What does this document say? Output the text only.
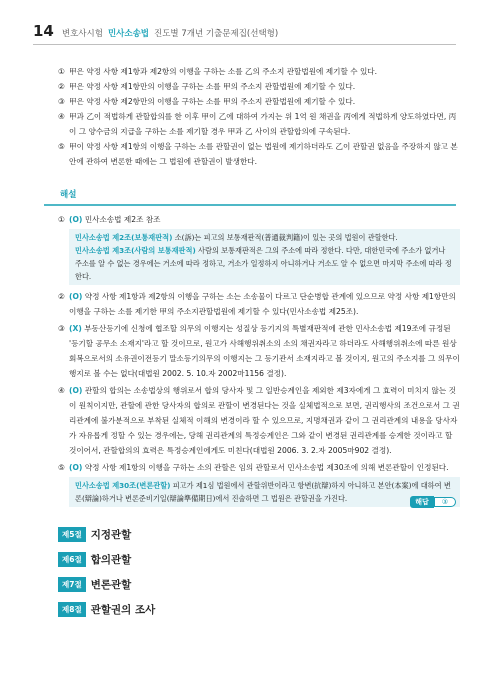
14 변호사시험 민사소송법 진도별 7개년 기출문제집(선택형)
① 甲은 약정 사항 제1항과 제2항의 이행을 구하는 소를 乙의 주소지 관할법원에 제기할 수 있다.
② 甲은 약정 사항 제1항만의 이행을 구하는 소를 甲의 주소지 관할법원에 제기할 수 있다.
③ 甲은 약정 사항 제2항만의 이행을 구하는 소를 甲의 주소지 관할법원에 제기할 수 있다.
④ 甲과 乙이 적법하게 관할합의를 한 이후 甲이 乙에 대하여 가지는 위 1억 원 채권을 丙에게 적법하게 양도하였다면, 丙이 그 양수금의 지급을 구하는 소를 제기할 경우 甲과 乙 사이의 관할합의에 구속된다.
⑤ 甲이 약정 사항 제1항의 이행을 구하는 소를 관할권이 없는 법원에 제기하더라도 乙이 관할권 없음을 주장하지 않고 본안에 관하여 변론한 때에는 그 법원에 관할권이 발생한다.
해설
① (O) 민사소송법 제2조 참조
민사소송법 제2조(보통재판적) 소(訴)는 피고의 보통재판적(普通裁判籍)이 있는 곳의 법원이 관할한다.
민사소송법 제3조(사람의 보통재판적) 사람의 보통재판적은 그의 주소에 따라 정한다. 다만, 대한민국에 주소가 없거나 주소를 알 수 없는 경우에는 거소에 따라 정하고, 거소가 일정하지 아니하거나 거소도 알 수 없으면 마지막 주소에 따라 정한다.
② (O) 약정 사항 제1항과 제2항의 이행을 구하는 소는 소송물이 다르고 단순병합 관계에 있으므로 약정 사항 제1항만의 이행을 구하는 소를 제기한 甲의 주소지관할법원에 제기할 수 있다(민사소송법 제25조).
③ (X) 부동산등기에 신청에 협조할 의무의 이행지는 성질상 등기지의 특별재판적에 관한 민사소송법 제19조에 규정된 '등기할 공무소 소재지'라고 할 것이므로, 원고가 사해행위취소의 소의 채권자라고 하더라도 사해행위취소에 따른 원상회복으로서의 소유권이전등기 말소등기의무의 이행지는 그 등기관서 소재지라고 볼 것이지, 원고의 주소지를 그 의무이행지로 볼 수는 없다(대법원 2002. 5. 10.자 2002마1156 결정).
④ (O) 관할의 합의는 소송법상의 행위로서 합의 당사자 및 그 일반승계인을 제외한 제3자에게 그 효력이 미치지 않는 것이 원칙이지만, 관할에 관한 당사자의 합의로 관할이 변경된다는 것을 실체법적으로 보면, 권리행사의 조건으로서 그 권리관계에 불가분적으로 부착된 실체적 이해의 변경이라 할 수 있으므로, 지명채권과 같이 그 권리관계의 내용을 당사자가 자유롭게 정할 수 있는 경우에는, 당해 권리관계의 특정승계인은 그와 같이 변경된 권리관계를 승계한 것이라고 할 것이어서, 관할합의의 효력은 특정승계인에게도 미친다(대법원 2006. 3. 2.자 2005마902 결정).
⑤ (O) 약정 사항 제1항의 이행을 구하는 소의 관할은 임의 관할로서 민사소송법 제30조에 의해 변론관할이 인정된다.
민사소송법 제30조(변론관할) 피고가 제1심 법원에서 관할위반이라고 항변(抗辯)하지 아니하고 본안(本案)에 대하여 변론(辯論)하거나 변론준비기일(辯論準備期日)에서 진술하면 그 법원은 관할권을 가진다.	해답	③
제5절 지정관할
제6절 합의관할
제7절 변론관할
제8절 관할권의 조사
